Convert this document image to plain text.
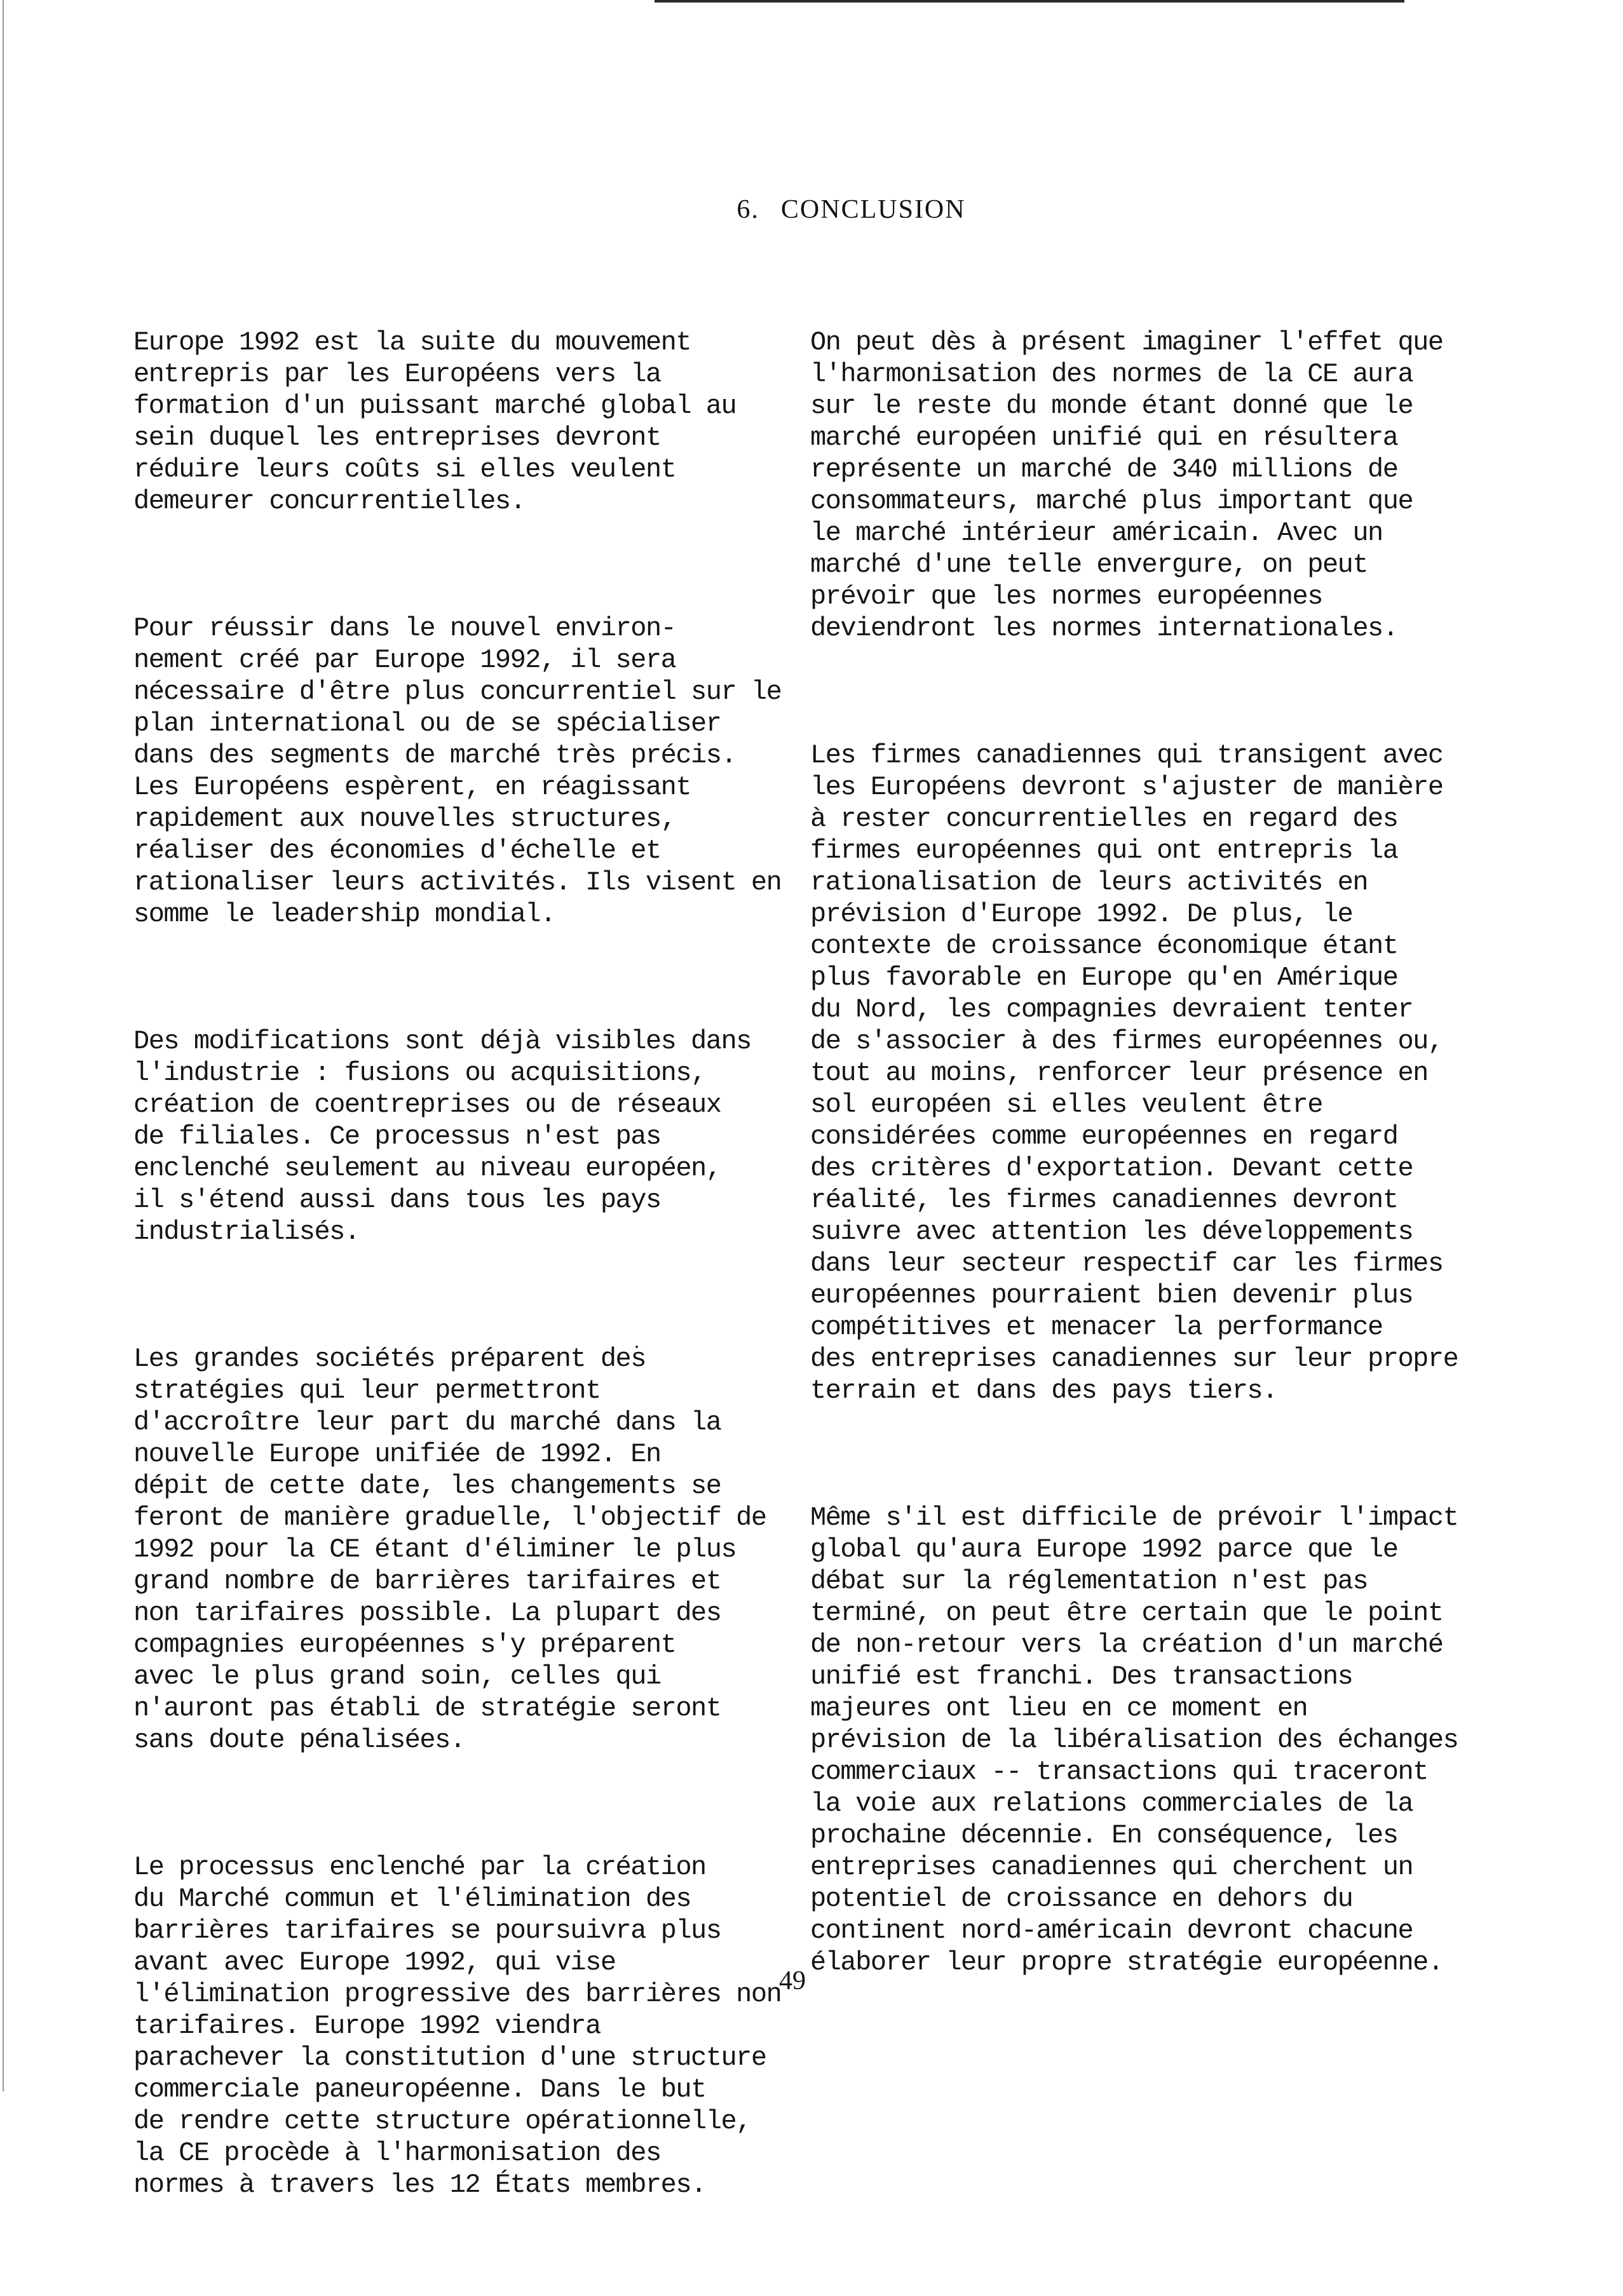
6. CONCLUSION

Europe 1992 est la suite du mouvement
entrepris par les Européens vers la
formation d'un puissant marché global au
sein duquel les entreprises devront
réduire leurs coûts si elles veulent
demeurer concurrentielles.

Pour réussir dans le nouvel environ-
nement créé par Europe 1992, il sera
nécessaire d'être plus concurrentiel sur le
plan international ou de se spécialiser
dans des segments de marché très précis.
Les Européens espèrent, en réagissant
rapidement aux nouvelles structures,
réaliser des économies d'échelle et
rationaliser leurs activités. Ils visent en
somme le leadership mondial.

Des modifications sont déjà visibles dans
l'industrie : fusions ou acquisitions,
création de coentreprises ou de réseaux
de filiales. Ce processus n'est pas
enclenché seulement au niveau européen,
il s'étend aussi dans tous les pays
industrialisés.

Les grandes sociétés préparent des
stratégies qui leur permettront
d'accroître leur part du marché dans la
nouvelle Europe unifiée de 1992. En
dépit de cette date, les changements se
feront de manière graduelle, l'objectif de
1992 pour la CE étant d'éliminer le plus
grand nombre de barrières tarifaires et
non tarifaires possible. La plupart des
compagnies européennes s'y préparent
avec le plus grand soin, celles qui
n'auront pas établi de stratégie seront
sans doute pénalisées.

Le processus enclenché par la création
du Marché commun et l'élimination des
barrières tarifaires se poursuivra plus
avant avec Europe 1992, qui vise
l'élimination progressive des barrières non
tarifaires. Europe 1992 viendra
parachever la constitution d'une structure
commerciale paneuropéenne. Dans le but
de rendre cette structure opérationnelle,
la CE procède à l'harmonisation des
normes à travers les 12 États membres.

On peut dès à présent imaginer l'effet que
l'harmonisation des normes de la CE aura
sur le reste du monde étant donné que le
marché européen unifié qui en résultera
représente un marché de 340 millions de
consommateurs, marché plus important que
le marché intérieur américain. Avec un
marché d'une telle envergure, on peut
prévoir que les normes européennes
deviendront les normes internationales.

Les firmes canadiennes qui transigent avec
les Européens devront s'ajuster de manière
à rester concurrentielles en regard des
firmes européennes qui ont entrepris la
rationalisation de leurs activités en
prévision d'Europe 1992. De plus, le
contexte de croissance économique étant
plus favorable en Europe qu'en Amérique
du Nord, les compagnies devraient tenter
de s'associer à des firmes européennes ou,
tout au moins, renforcer leur présence en
sol européen si elles veulent être
considérées comme européennes en regard
des critères d'exportation. Devant cette
réalité, les firmes canadiennes devront
suivre avec attention les développements
dans leur secteur respectif car les firmes
européennes pourraient bien devenir plus
compétitives et menacer la performance
des entreprises canadiennes sur leur propre
terrain et dans des pays tiers.

Même s'il est difficile de prévoir l'impact
global qu'aura Europe 1992 parce que le
débat sur la réglementation n'est pas
terminé, on peut être certain que le point
de non-retour vers la création d'un marché
unifié est franchi. Des transactions
majeures ont lieu en ce moment en
prévision de la libéralisation des échanges
commerciaux -- transactions qui traceront
la voie aux relations commerciales de la
prochaine décennie. En conséquence, les
entreprises canadiennes qui cherchent un
potentiel de croissance en dehors du
continent nord-américain devront chacune
élaborer leur propre stratégie européenne.

49
